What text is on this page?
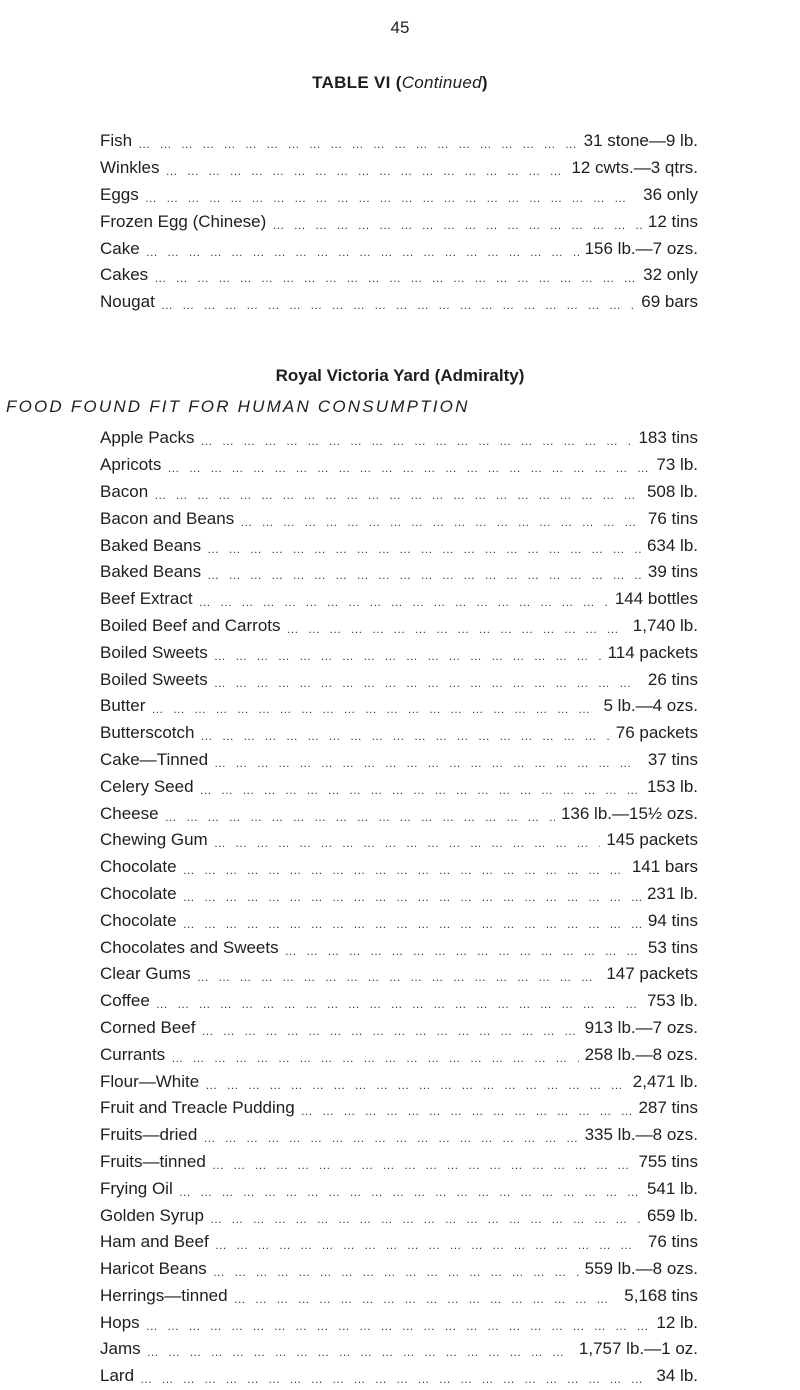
45
TABLE VI (Continued)
Fish … … … … … … … … … … … … … … … … … … … … … … … … … … … … … … … … … … … …	31 stone—9 lb.
Winkles … … … … … … … … … … … … … … … … … … … … … … … … … … … … … … … … … … … …	12 cwts.—3 qtrs.
Eggs … … … … … … … … … … … … … … … … … … … … … … … … … … … … … … … … … … … …	36 only
Frozen Egg (Chinese) … … … … … … … … … … … … … … … … … … … … … … … … … … … … … … … … … … … …	12 tins
Cake … … … … … … … … … … … … … … … … … … … … … … … … … … … … … … … … … … … …	156 lb.—7 ozs.
Cakes … … … … … … … … … … … … … … … … … … … … … … … … … … … … … … … … … … … …	32 only
Nougat … … … … … … … … … … … … … … … … … … … … … … … … … … … … … … … … … … … …	69 bars
Royal Victoria Yard (Admiralty)
FOOD FOUND FIT FOR HUMAN CONSUMPTION
Apple Packs … … … … … … … … … … … … … … … … … … … … … … … … … … … … … … … … … … … …	183 tins
Apricots … … … … … … … … … … … … … … … … … … … … … … … … … … … … … … … … … … … …	73 lb.
Bacon … … … … … … … … … … … … … … … … … … … … … … … … … … … … … … … … … … … …	508 lb.
Bacon and Beans … … … … … … … … … … … … … … … … … … … … … … … … … … … … … … … … … … … …	76 tins
Baked Beans … … … … … … … … … … … … … … … … … … … … … … … … … … … … … … … … … … … …	634 lb.
Baked Beans … … … … … … … … … … … … … … … … … … … … … … … … … … … … … … … … … … … …	39 tins
Beef Extract … … … … … … … … … … … … … … … … … … … … … … … … … … … … … … … … … … … …	144 bottles
Boiled Beef and Carrots … … … … … … … … … … … … … … … … … … … … … … … … … … … … … … … … … … … …	1,740 lb.
Boiled Sweets … … … … … … … … … … … … … … … … … … … … … … … … … … … … … … … … … … … …	114 packets
Boiled Sweets … … … … … … … … … … … … … … … … … … … … … … … … … … … … … … … … … … … …	26 tins
Butter … … … … … … … … … … … … … … … … … … … … … … … … … … … … … … … … … … … …	5 lb.—4 ozs.
Butterscotch … … … … … … … … … … … … … … … … … … … … … … … … … … … … … … … … … … … …	76 packets
Cake—Tinned … … … … … … … … … … … … … … … … … … … … … … … … … … … … … … … … … … … …	37 tins
Celery Seed … … … … … … … … … … … … … … … … … … … … … … … … … … … … … … … … … … … …	153 lb.
Cheese … … … … … … … … … … … … … … … … … … … … … … … … … … … … … … … … … … … …	136 lb.—15½ ozs.
Chewing Gum … … … … … … … … … … … … … … … … … … … … … … … … … … … … … … … … … … … …	145 packets
Chocolate … … … … … … … … … … … … … … … … … … … … … … … … … … … … … … … … … … … …	141 bars
Chocolate … … … … … … … … … … … … … … … … … … … … … … … … … … … … … … … … … … … …	231 lb.
Chocolate … … … … … … … … … … … … … … … … … … … … … … … … … … … … … … … … … … … …	94 tins
Chocolates and Sweets … … … … … … … … … … … … … … … … … … … … … … … … … … … … … … … … … … … …	53 tins
Clear Gums … … … … … … … … … … … … … … … … … … … … … … … … … … … … … … … … … … … …	147 packets
Coffee … … … … … … … … … … … … … … … … … … … … … … … … … … … … … … … … … … … …	753 lb.
Corned Beef … … … … … … … … … … … … … … … … … … … … … … … … … … … … … … … … … … … …	913 lb.—7 ozs.
Currants … … … … … … … … … … … … … … … … … … … … … … … … … … … … … … … … … … … …	258 lb.—8 ozs.
Flour—White … … … … … … … … … … … … … … … … … … … … … … … … … … … … … … … … … … … …	2,471 lb.
Fruit and Treacle Pudding … … … … … … … … … … … … … … … … … … … … … … … … … … … … … … … … … … … …	287 tins
Fruits—dried … … … … … … … … … … … … … … … … … … … … … … … … … … … … … … … … … … … …	335 lb.—8 ozs.
Fruits—tinned … … … … … … … … … … … … … … … … … … … … … … … … … … … … … … … … … … … …	755 tins
Frying Oil … … … … … … … … … … … … … … … … … … … … … … … … … … … … … … … … … … … …	541 lb.
Golden Syrup … … … … … … … … … … … … … … … … … … … … … … … … … … … … … … … … … … … …	659 lb.
Ham and Beef … … … … … … … … … … … … … … … … … … … … … … … … … … … … … … … … … … … …	76 tins
Haricot Beans … … … … … … … … … … … … … … … … … … … … … … … … … … … … … … … … … … … …	559 lb.—8 ozs.
Herrings—tinned … … … … … … … … … … … … … … … … … … … … … … … … … … … … … … … … … … … …	5,168 tins
Hops … … … … … … … … … … … … … … … … … … … … … … … … … … … … … … … … … … … …	12 lb.
Jams … … … … … … … … … … … … … … … … … … … … … … … … … … … … … … … … … … … …	1,757 lb.—1 oz.
Lard … … … … … … … … … … … … … … … … … … … … … … … … … … … … … … … … … … … …	34 lb.
